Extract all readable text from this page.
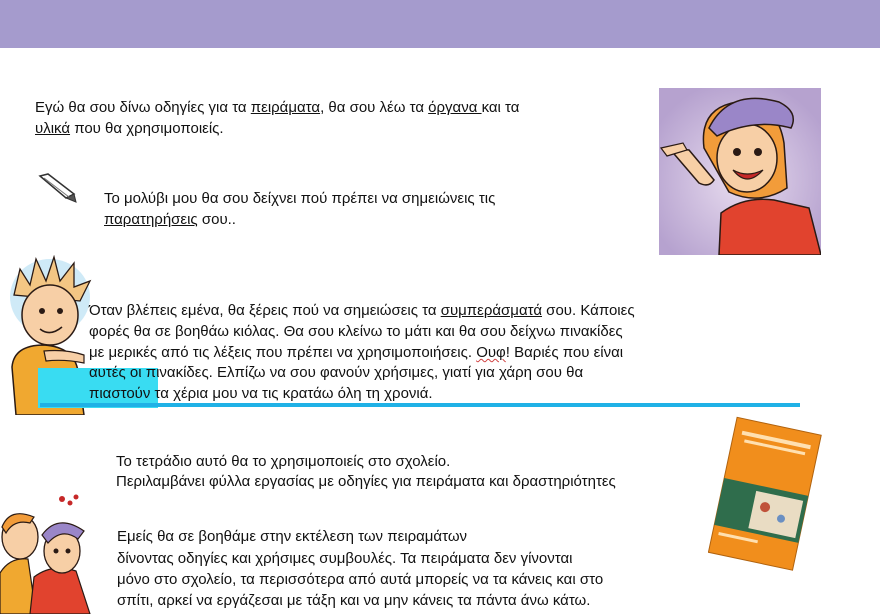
Εγώ θα σου δίνω οδηγίες για τα πειράματα, θα σου λέω τα όργανα και τα
υλικά που θα χρησιμοποιείς.
Το μολύβι μου θα σου δείχνει πού πρέπει να σημειώνεις τις
παρατηρήσεις σου..
Όταν βλέπεις εμένα, θα ξέρεις πού να σημειώσεις τα συμπεράσματά σου. Κάποιες
φορές θα σε βοηθάω κιόλας. Θα σου κλείνω το μάτι και θα σου δείχνω πινακίδες
με μερικές από τις λέξεις που πρέπει να χρησιμοποιήσεις. Ουφ! Βαριές που είναι
αυτές οι πινακίδες. Ελπίζω να σου φανούν χρήσιμες, γιατί για χάρη σου θα
πιαστούν τα χέρια μου να τις κρατάω όλη τη χρονιά.
Το τετράδιο αυτό θα το χρησιμοποιείς στο σχολείο.
Περιλαμβάνει φύλλα εργασίας με οδηγίες για πειράματα και δραστηριότητες
Εμείς θα σε βοηθάμε στην εκτέλεση των πειραμάτων
δίνοντας οδηγίες και χρήσιμες συμβουλές. Τα πειράματα δεν γίνονται
μόνο στο σχολείο, τα περισσότερα από αυτά μπορείς να τα κάνεις και στο
σπίτι, αρκεί να εργάζεσαι με τάξη και να μην κάνεις τα πάντα άνω κάτω.
